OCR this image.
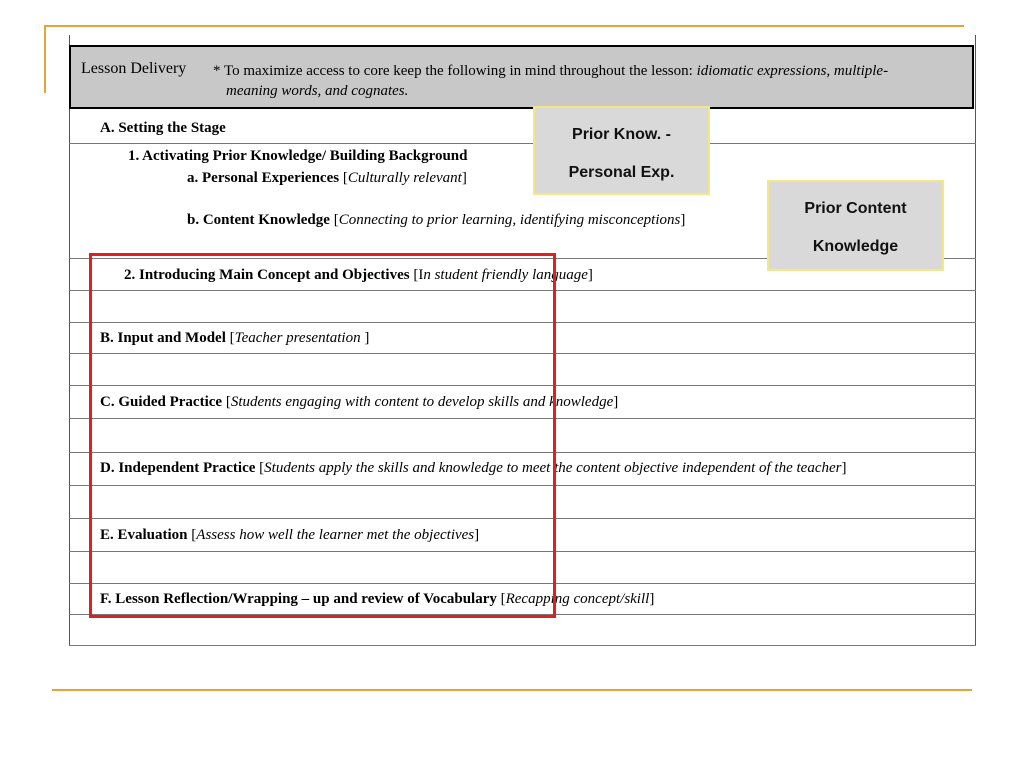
Lesson Delivery * To maximize access to core keep the following in mind throughout the lesson: idiomatic expressions, multiple-
meaning words, and cognates.
A. Setting the Stage
1. Activating Prior Knowledge/ Building Background
a. Personal Experiences [Culturally relevant]
b. Content Knowledge [Connecting to prior learning, identifying misconceptions]
2. Introducing Main Concept and Objectives [In student friendly language]
B. Input and Model [Teacher presentation ]
C. Guided Practice [Students engaging with content to develop skills and knowledge]
D. Independent Practice [Students apply the skills and knowledge to meet the content objective independent of the teacher]
E. Evaluation [Assess how well the learner met the objectives]
F. Lesson Reflection/Wrapping – up and review of Vocabulary [Recapping concept/skill]
Prior Know. -
Personal Exp.
Prior Content
Knowledge
